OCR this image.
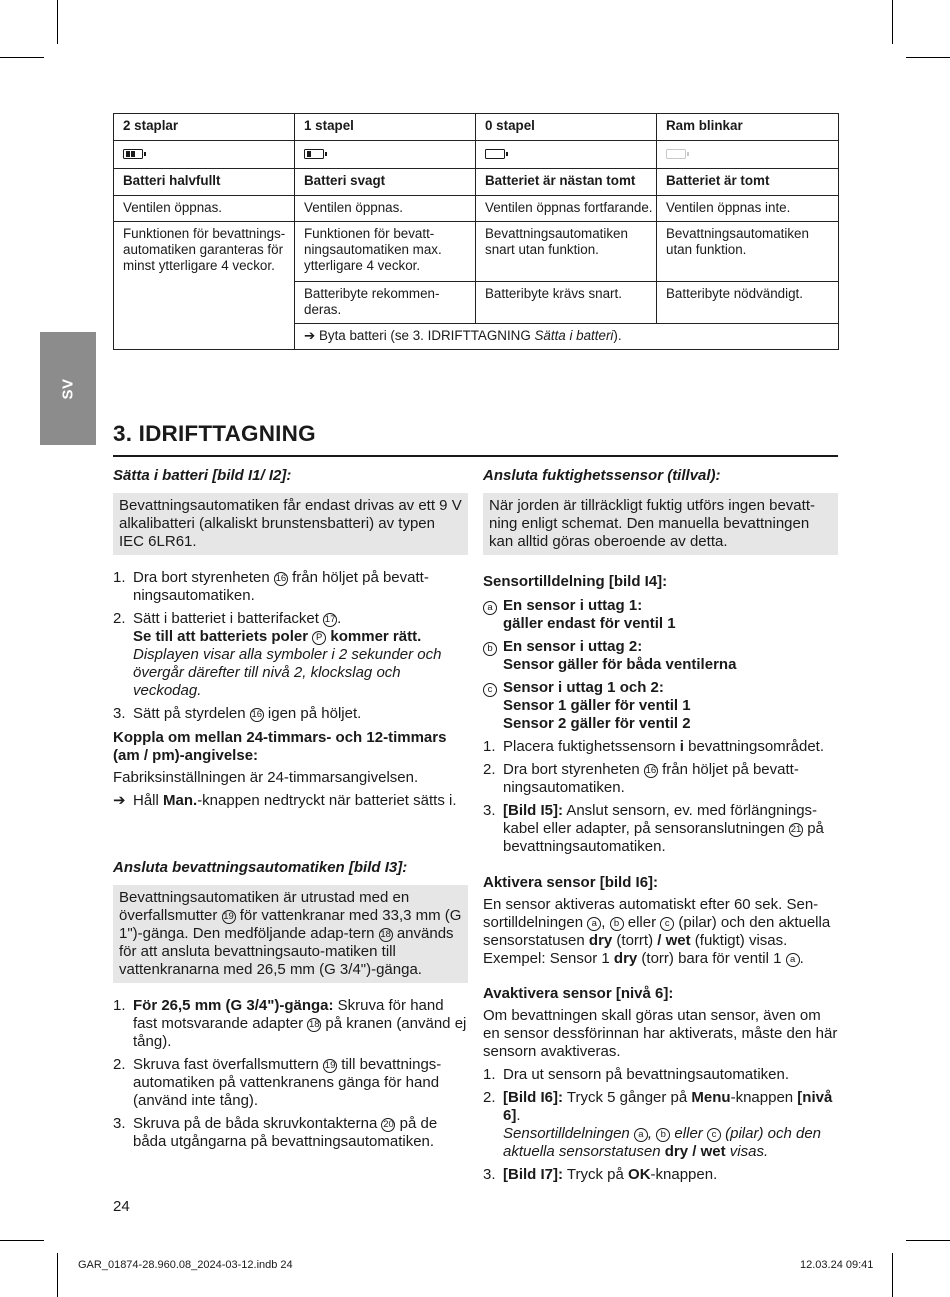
2 staplar	1 stapel	0 stapel	Ram blinkar

Batteri halvfullt	Batteri svagt	Batteriet är nästan tomt	Batteriet är tomt
Ventilen öppnas.	Ventilen öppnas.	Ventilen öppnas fortfarande.	Ventilen öppnas inte.
Funktionen för bevattnings-automatiken garanteras för minst ytterligare 4 veckor.	Funktionen för bevatt-ningsautomatiken max. ytterligare 4 veckor.	Bevattningsautomatiken snart utan funktion.	Bevattningsautomatiken utan funktion.
	Batteribyte rekommen-deras.	Batteribyte krävs snart.	Batteribyte nödvändigt.
	➔ Byta batteri (se 3. IDRIFTTAGNING Sätta i batteri).		
SV
3. IDRIFTTAGNING
Sätta i batteri [bild I1/ I2]:
Bevattningsautomatiken får endast drivas av ett 9 V alkalibatteri (alkaliskt brunstensbatteri) av typen IEC 6LR61.
1. Dra bort styrenheten 16 från höljet på bevatt-ningsautomatiken.
2. Sätt i batteriet i batterifacket 17 .
Se till att batteriets poler P kommer rätt.
Displayen visar alla symboler i 2 sekunder och övergår därefter till nivå 2, klockslag och veckodag.
3. Sätt på styrdelen 16 igen på höljet.
Koppla om mellan 24-timmars- och 12-timmars (am / pm)-angivelse:

Fabriksinställningen är 24-timmarsangivelsen.

➔ Håll Man.-knappen nedtryckt när batteriet sätts i.
Ansluta bevattningsautomatiken [bild I3]:
Bevattningsautomatiken är utrustad med en överfallsmutter 19 för vattenkranar med 33,3 mm (G 1")-gänga. Den medföljande adap-tern 18 används för att ansluta bevattningsauto-matiken till vattenkranarna med 26,5 mm (G 3/4")-gänga.
1. För 26,5 mm (G 3/4")-gänga: Skruva för hand fast motsvarande adapter 18 på kranen (använd ej tång).
2. Skruva fast överfallsmuttern 19 till bevattnings-automatiken på vattenkranens gänga för hand (använd inte tång).
3. Skruva på de båda skruvkontakterna 20 på de båda utgångarna på bevattningsautomatiken.
Ansluta fuktighetssensor (tillval):
När jorden är tillräckligt fuktig utförs ingen bevatt-ning enligt schemat. Den manuella bevattningen kan alltid göras oberoende av detta.
Sensortilldelning [bild I4]:
a En sensor i uttag 1:
gäller endast för ventil 1
b En sensor i uttag 2:
Sensor gäller för båda ventilerna
c Sensor i uttag 1 och 2:
Sensor 1 gäller för ventil 1
Sensor 2 gäller för ventil 2
1. Placera fuktighetssensorn i bevattningsområdet.
2. Dra bort styrenheten 16 från höljet på bevatt-ningsautomatiken.
3. [Bild I5]: Anslut sensorn, ev. med förlängnings-kabel eller adapter, på sensoranslutningen 21 på bevattningsautomatiken.
Aktivera sensor [bild I6]:

En sensor aktiveras automatiskt efter 60 sek. Sen-sortilldelningen a , b eller c (pilar) och den aktuella sensorstatusen dry (torrt) / wet (fuktigt) visas. Exempel: Sensor 1 dry (torr) bara för ventil 1 a .

Avaktivera sensor [nivå 6]:

Om bevattningen skall göras utan sensor, även om en sensor dessförinnan har aktiverats, måste den här sensorn avaktiveras.

1. Dra ut sensorn på bevattningsautomatiken.
2. [Bild I6]: Tryck 5 gånger på Menu-knappen [nivå 6].
Sensortilldelningen a , b eller c (pilar) och den aktuella sensorstatusen dry / wet visas.
3. [Bild I7]: Tryck på OK-knappen.
24
GAR_01874-28.960.08_2024-03-12.indb 24	12.03.24 09:41
